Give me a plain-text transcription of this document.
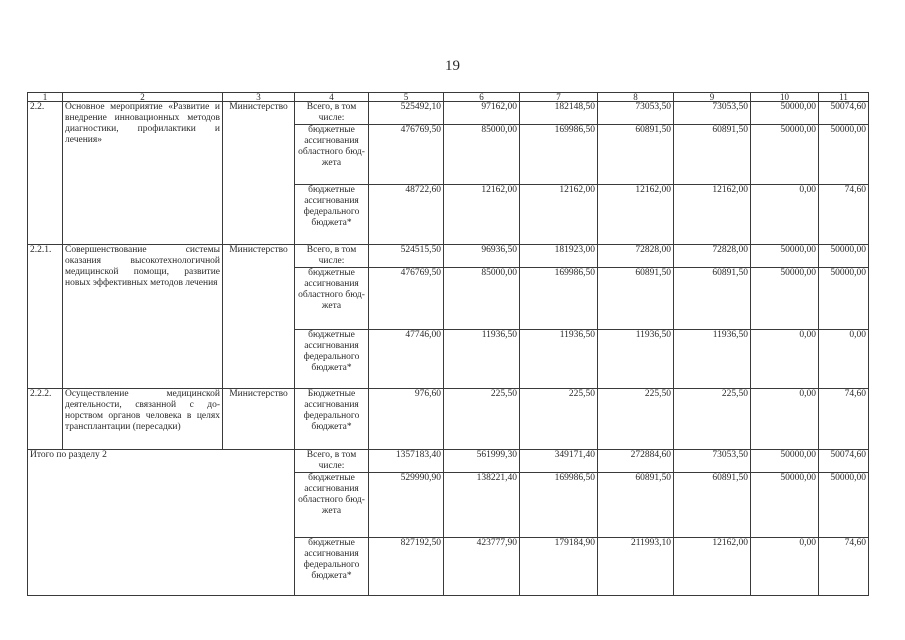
19
1	2	3	4	5	6	7	8	9	10	11
2.2.	Основное мероприятие «Развитие и внедрение инновационных методов диагностики, профилактики и лечения»	Министерство	Всего, в том числе:	525492,10	97162,00	182148,50	73053,50	73053,50	50000,00	50074,60
			бюджетные ассигнования областного бюджета	476769,50	85000,00	169986,50	60891,50	60891,50	50000,00	50000,00
			бюджетные ассигнования федерального бюджета*	48722,60	12162,00	12162,00	12162,00	12162,00	0,00	74,60
2.2.1.	Совершенствование системы оказания высокотехнологичной медицинской помощи, развитие новых эффективных методов лечения	Министерство	Всего, в том числе:	524515,50	96936,50	181923,00	72828,00	72828,00	50000,00	50000,00
			бюджетные ассигнования областного бюджета	476769,50	85000,00	169986,50	60891,50	60891,50	50000,00	50000,00
			бюджетные ассигнования федерального бюджета*	47746,00	11936,50	11936,50	11936,50	11936,50	0,00	0,00
2.2.2.	Осуществление медицинской деятельности, связанной с донорством органов человека в целях трансплантации (пересадки)	Министерство	Бюджетные ассигнования федерального бюджета*	976,60	225,50	225,50	225,50	225,50	0,00	74,60
Итого по разделу 2			Всего, в том числе:	1357183,40	561999,30	349171,40	272884,60	73053,50	50000,00	50074,60
			бюджетные ассигнования областного бюджета	529990,90	138221,40	169986,50	60891,50	60891,50	50000,00	50000,00
			бюджетные ассигнования федерального бюджета*	827192,50	423777,90	179184,90	211993,10	12162,00	0,00	74,60
